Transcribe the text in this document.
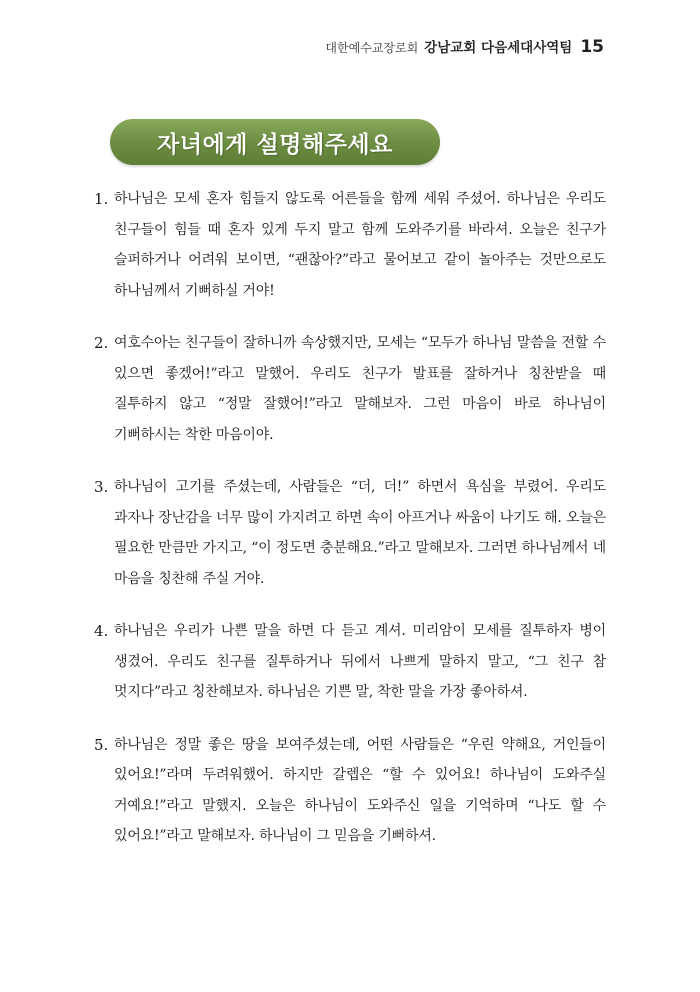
대한예수교장로회 강남교회 다음세대사역팀 15
자녀에게 설명해주세요
1. 하나님은 모세 혼자 힘들지 않도록 어른들을 함께 세워 주셨어. 하나님은 우리도 친구들이 힘들 때 혼자 있게 두지 말고 함께 도와주기를 바라셔. 오늘은 친구가 슬퍼하거나 어려워 보이면, “괜찮아?”라고 물어보고 같이 놀아주는 것만으로도 하나님께서 기뻐하실 거야!
2. 여호수아는 친구들이 잘하니까 속상했지만, 모세는 “모두가 하나님 말씀을 전할 수 있으면 좋겠어!”라고 말했어. 우리도 친구가 발표를 잘하거나 칭찬받을 때 질투하지 않고 “정말 잘했어!”라고 말해보자. 그런 마음이 바로 하나님이 기뻐하시는 착한 마음이야.
3. 하나님이 고기를 주셨는데, 사람들은 “더, 더!” 하면서 욕심을 부렸어. 우리도 과자나 장난감을 너무 많이 가지려고 하면 속이 아프거나 싸움이 나기도 해. 오늘은 필요한 만큼만 가지고, “이 정도면 충분해요.”라고 말해보자. 그러면 하나님께서 네 마음을 칭찬해 주실 거야.
4. 하나님은 우리가 나쁜 말을 하면 다 듣고 계셔. 미리암이 모세를 질투하자 병이 생겼어. 우리도 친구를 질투하거나 뒤에서 나쁘게 말하지 말고, “그 친구 참 멋지다”라고 칭찬해보자. 하나님은 기쁜 말, 착한 말을 가장 좋아하셔.
5. 하나님은 정말 좋은 땅을 보여주셨는데, 어떤 사람들은 “우린 약해요, 거인들이 있어요!”라며 두려워했어. 하지만 갈렙은 “할 수 있어요! 하나님이 도와주실 거예요!”라고 말했지. 오늘은 하나님이 도와주신 일을 기억하며 “나도 할 수 있어요!”라고 말해보자. 하나님이 그 믿음을 기뻐하셔.
